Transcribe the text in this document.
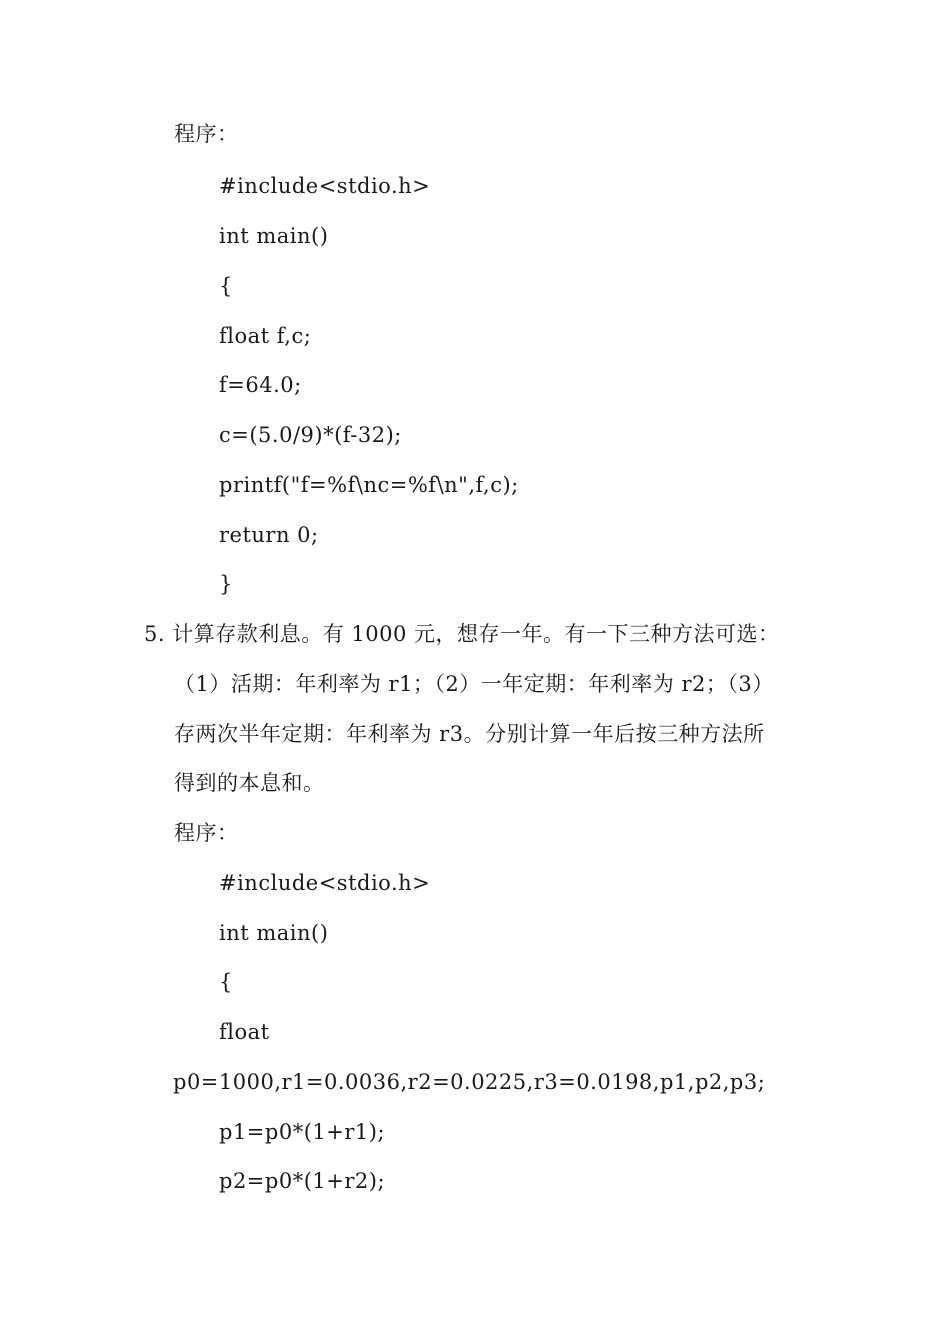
程序：
#include<stdio.h>
int main()
{
float f,c;
f=64.0;
c=(5.0/9)*(f-32);
printf("f=%f\nc=%f\n",f,c);
return 0;
}
5. 计算存款利息。有 1000 元，想存一年。有一下三种方法可选：
（1）活期：年利率为 r1；（2）一年定期：年利率为 r2；（3）
存两次半年定期：年利率为 r3。分别计算一年后按三种方法所
得到的本息和。
程序：
#include<stdio.h>
int main()
{
float
p0=1000,r1=0.0036,r2=0.0225,r3=0.0198,p1,p2,p3;
p1=p0*(1+r1);
p2=p0*(1+r2);
